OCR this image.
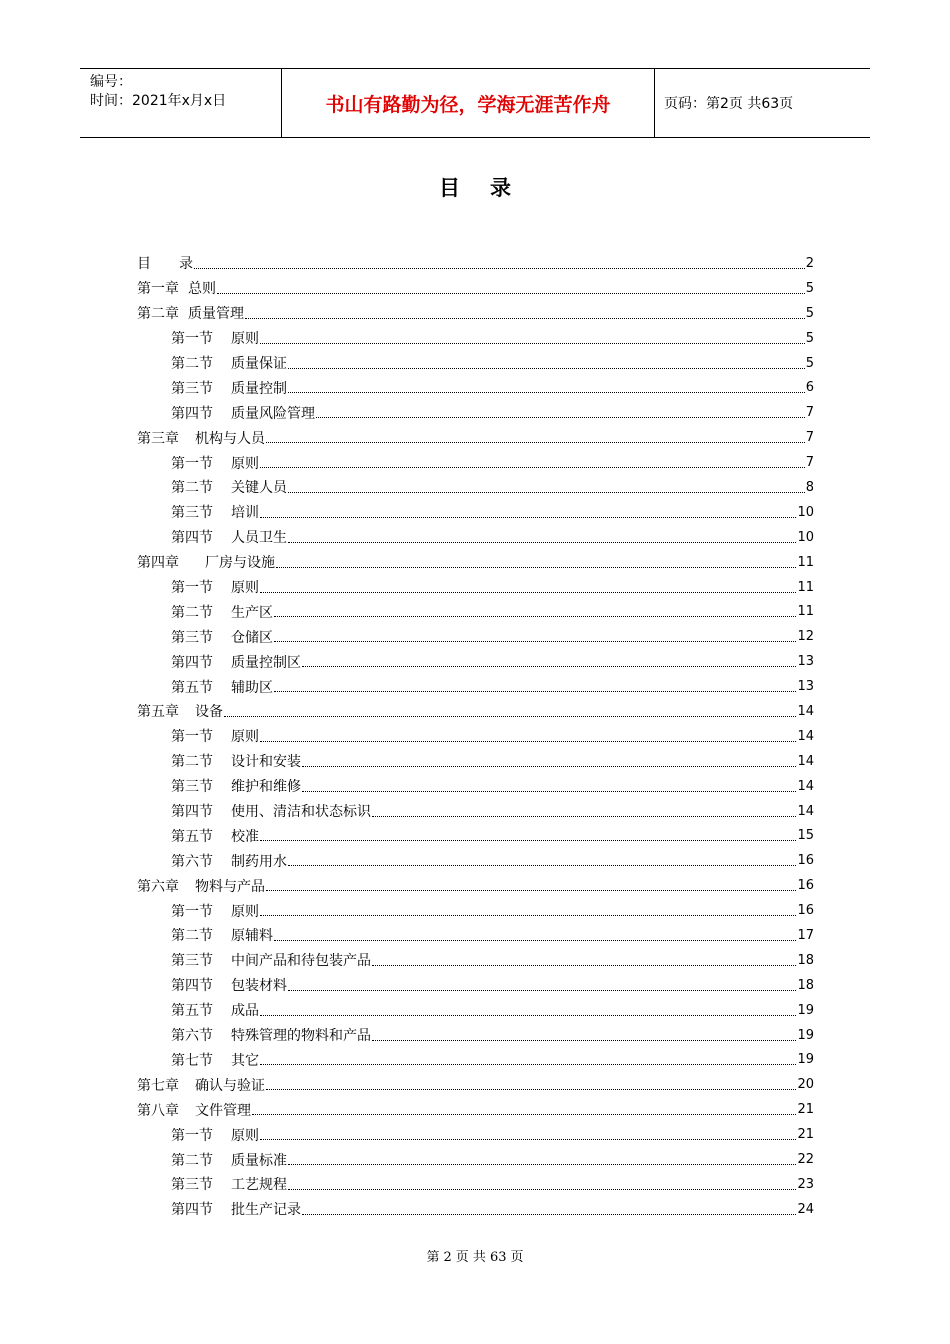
编号：
时间：2021年x月x日	书山有路勤为径，学海无涯苦作舟	页码：第2页 共63页
目录
目 录	2
第一章 总则	5
第二章 质量管理	5
第一节 原则	5
第二节 质量保证	5
第三节 质量控制	6
第四节 质量风险管理	7
第三章 机构与人员	7
第一节 原则	7
第二节 关键人员	8
第三节 培训	10
第四节 人员卫生	10
第四章 厂房与设施	11
第一节 原则	11
第二节 生产区	11
第三节 仓储区	12
第四节 质量控制区	13
第五节 辅助区	13
第五章 设备	14
第一节 原则	14
第二节 设计和安装	14
第三节 维护和维修	14
第四节 使用、清洁和状态标识	14
第五节 校准	15
第六节 制药用水	16
第六章 物料与产品	16
第一节 原则	16
第二节 原辅料	17
第三节 中间产品和待包装产品	18
第四节 包装材料	18
第五节 成品	19
第六节 特殊管理的物料和产品	19
第七节 其它	19
第七章 确认与验证	20
第八章 文件管理	21
第一节 原则	21
第二节 质量标准	22
第三节 工艺规程	23
第四节 批生产记录	24
第 2 页 共 63 页
